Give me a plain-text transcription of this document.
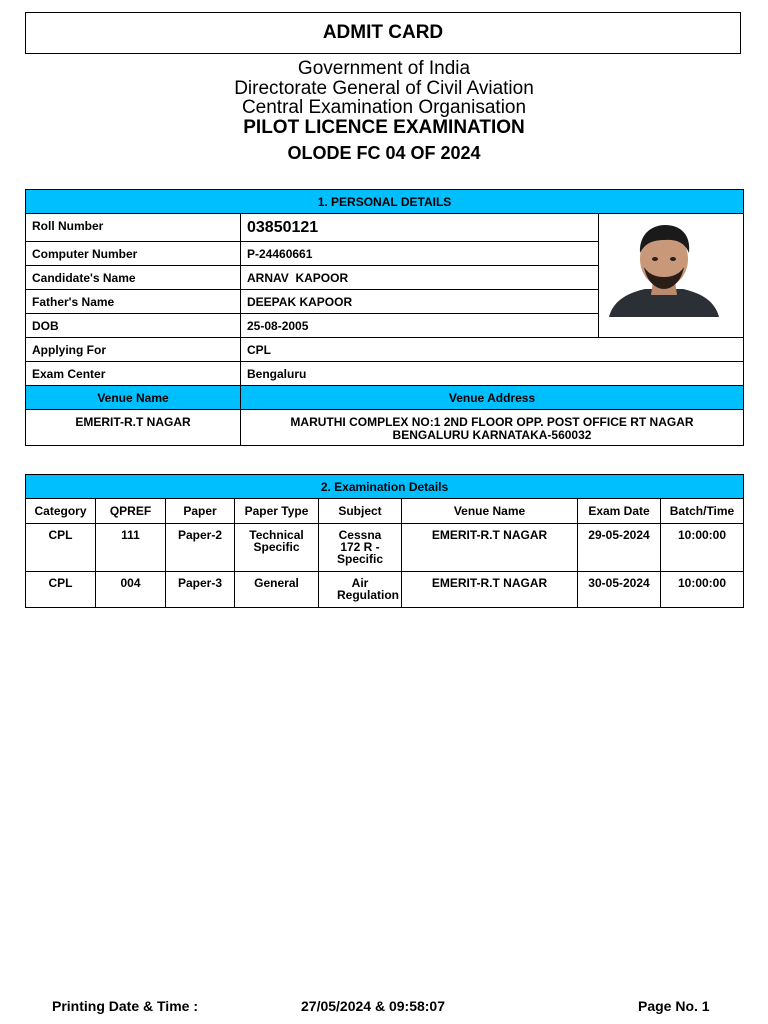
ADMIT CARD
Government of India
Directorate General of Civil Aviation
Central Examination Organisation
PILOT LICENCE EXAMINATION
OLODE FC 04 OF 2024
1. PERSONAL DETAILS		
Roll Number	03850121	

Computer Number	P-24460661	
Candidate's Name	ARNAV  KAPOOR	
Father's Name	DEEPAK KAPOOR	
DOB	25-08-2005	
Applying For	CPL	
Exam Center	Bengaluru	
Venue Name	Venue Address	
EMERIT-R.T NAGAR	MARUTHI COMPLEX NO:1 2ND FLOOR OPP. POST OFFICE RT NAGAR
BENGALURU KARNATAKA-560032	
2. Examination Details							
Category	QPREF	Paper	Paper Type	Subject	Venue Name	Exam Date	Batch/Time
CPL	111	Paper-2	Technical Specific	Cessna 172 R - Specific	EMERIT-R.T NAGAR	29-05-2024	10:00:00
CPL	004	Paper-3	General	Air Regulation	EMERIT-R.T NAGAR	30-05-2024	10:00:00
Printing Date & Time :	27/05/2024 & 09:58:07	Page No. 1
